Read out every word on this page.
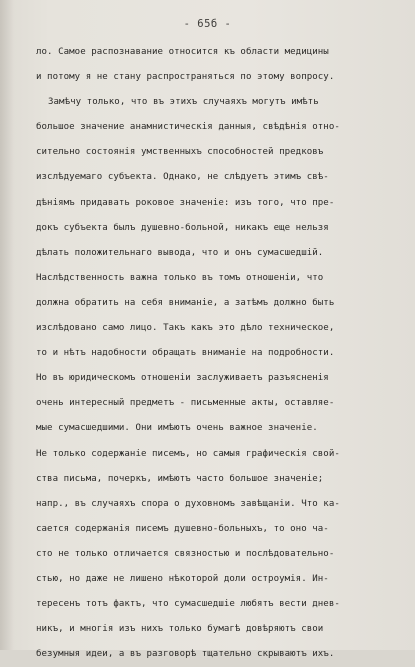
- 65б -
ло. Самое распознавание относится къ области медицины
и потому я не стану распространяться по этому вопросу.
Замѣчу только, что въ этихъ случаяхъ могутъ имѣть
большое значение анамнистическія данныя, свѣдѣнія отно-
сительно состоянія умственныхъ способностей предковъ
изслѣдуемаго субъекта. Однако, не слѣдуетъ этимъ свѣ-
дѣніямъ придавать роковое значеніе: изъ того, что пре-
докъ субъекта былъ душевно-больной, никакъ еще нельзя
дѣлать положительнаго вывода, что и онъ сумасшедшій.
Наслѣдственность важна только въ томъ отношеніи, что
должна обратить на себя вниманіе, а затѣмъ должно быть
изслѣдовано само лицо. Такъ какъ это дѣло техническое,
то и нѣтъ надобности обращать вниманіе на подробности.
Но въ юридическомъ отношеніи заслуживаетъ разъясненія
очень интересный предметъ - письменные акты, оставляе-
мые сумасшедшими. Они имѣютъ очень важное значеніе.
Не только содержаніе писемъ, но самыя графическія свой-
ства письма, почеркъ, имѣютъ часто большое значеніе;
напр., въ случаяхъ спора о духовномъ завѣщаніи. Что ка-
сается содержанія писемъ душевно-больныхъ, то оно ча-
сто не только отличается связностью и послѣдовательно-
стью, но даже не лишено нѣкоторой доли остроумія. Ин-
тересенъ тотъ фактъ, что сумасшедшіе любятъ вести днев-
никъ, и многія изъ нихъ только бумагѣ довѣряютъ свои
безумныя идеи, а въ разговорѣ тщательно скрываютъ ихъ.
